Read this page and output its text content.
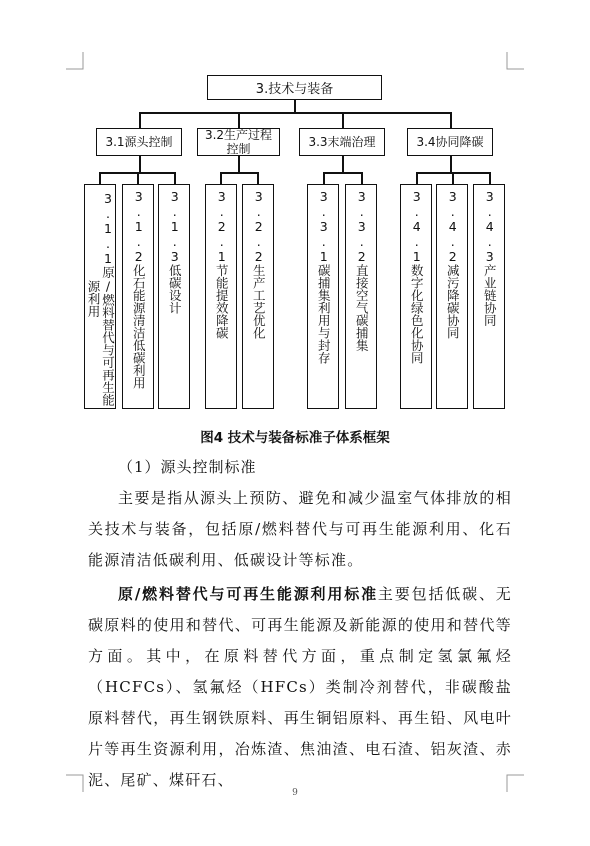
3.技术与装备
3.1源头控制	3.2生产过程控制	3.3末端治理	3.4协同降碳
3.1.1原/燃料替代与可再生能源利用	3.1.2化石能源清洁低碳利用 3.1.3低碳设计	3.2.1节能提效降碳 3.2.2生产工艺优化	3.3.1碳捕集利用与封存 3.3.2直接空气碳捕集	3.4.1数字化绿色化协同 3.4.2减污降碳协同 3.4.3产业链协同
图4 技术与装备标准子体系框架
（1）源头控制标准
主要是指从源头上预防、避免和减少温室气体排放的相关技术与装备，包括原/燃料替代与可再生能源利用、化石能源清洁低碳利用、低碳设计等标准。
原/燃料替代与可再生能源利用标准主要包括低碳、无碳原料的使用和替代、可再生能源及新能源的使用和替代等方面。其中，在原料替代方面，重点制定氢氯氟烃（HCFCs）、氢氟烃（HFCs）类制冷剂替代，非碳酸盐原料替代，再生钢铁原料、再生铜铝原料、再生铅、风电叶片等再生资源利用，冶炼渣、焦油渣、电石渣、铝灰渣、赤泥、尾矿、煤矸石、
9
